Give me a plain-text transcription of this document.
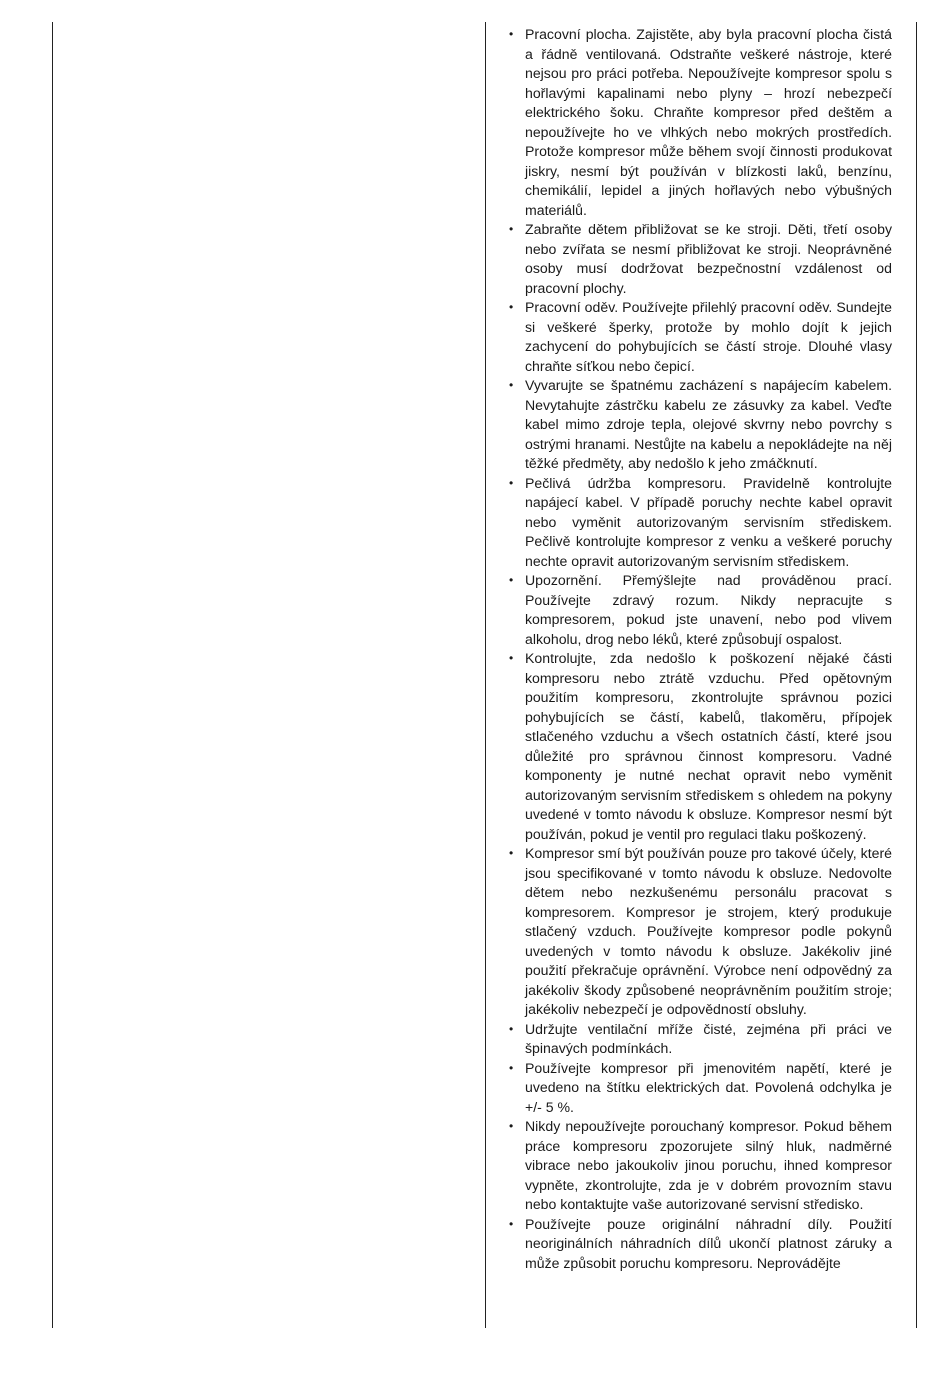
• Pracovní plocha. Zajistěte, aby byla pracovní plocha čistá a řádně ventilovaná. Odstraňte veškeré nástroje, které nejsou pro práci potřeba. Nepoužívejte kompresor spolu s hořlavými kapalinami nebo plyny – hrozí nebezpečí elektrického šoku. Chraňte kompresor před deštěm a nepoužívejte ho ve vlhkých nebo mokrých prostředích. Protože kompresor může během svojí činnosti produkovat jiskry, nesmí být používán v blízkosti laků, benzínu, chemikálií, lepidel a jiných hořlavých nebo výbušných materiálů.
• Zabraňte dětem přibližovat se ke stroji. Děti, třetí osoby nebo zvířata se nesmí přibližovat ke stroji. Neoprávněné osoby musí dodržovat bezpečnostní vzdálenost od pracovní plochy.
• Pracovní oděv. Používejte přilehlý pracovní oděv. Sundejte si veškeré šperky, protože by mohlo dojít k jejich zachycení do pohybujících se částí stroje. Dlouhé vlasy chraňte síťkou nebo čepicí.
• Vyvarujte se špatnému zacházení s napájecím kabelem. Nevytahujte zástrčku kabelu ze zásuvky za kabel. Veďte kabel mimo zdroje tepla, olejové skvrny nebo povrchy s ostrými hranami. Nestůjte na kabelu a nepokládejte na něj těžké předměty, aby nedošlo k jeho zmáčknutí.
• Pečlivá údržba kompresoru. Pravidelně kontrolujte napájecí kabel. V případě poruchy nechte kabel opravit nebo vyměnit autorizovaným servisním střediskem. Pečlivě kontrolujte kompresor z venku a veškeré poruchy nechte opravit autorizovaným servisním střediskem.
• Upozornění. Přemýšlejte nad prováděnou prací. Používejte zdravý rozum. Nikdy nepracujte s kompresorem, pokud jste unavení, nebo pod vlivem alkoholu, drog nebo léků, které způsobují ospalost.
• Kontrolujte, zda nedošlo k poškození nějaké části kompresoru nebo ztrátě vzduchu. Před opětovným použitím kompresoru, zkontrolujte správnou pozici pohybujících se částí, kabelů, tlakoměru, přípojek stlačeného vzduchu a všech ostatních částí, které jsou důležité pro správnou činnost kompresoru. Vadné komponenty je nutné nechat opravit nebo vyměnit autorizovaným servisním střediskem s ohledem na pokyny uvedené v tomto návodu k obsluze. Kompresor nesmí být používán, pokud je ventil pro regulaci tlaku poškozený.
• Kompresor smí být používán pouze pro takové účely, které jsou specifikované v tomto návodu k obsluze. Nedovolte dětem nebo nezkušenému personálu pracovat s kompresorem. Kompresor je strojem, který produkuje stlačený vzduch. Používejte kompresor podle pokynů uvedených v tomto návodu k obsluze. Jakékoliv jiné použití překračuje oprávnění. Výrobce není odpovědný za jakékoliv škody způsobené neoprávněním použitím stroje; jakékoliv nebezpečí je odpovědností obsluhy.
• Udržujte ventilační mříže čisté, zejména při práci ve špinavých podmínkách.
• Používejte kompresor při jmenovitém napětí, které je uvedeno na štítku elektrických dat. Povolená odchylka je +/- 5 %.
• Nikdy nepoužívejte porouchaný kompresor. Pokud během práce kompresoru zpozorujete silný hluk, nadměrné vibrace nebo jakoukoliv jinou poruchu, ihned kompresor vypněte, zkontrolujte, zda je v dobrém provozním stavu nebo kontaktujte vaše autorizované servisní středisko.
• Používejte pouze originální náhradní díly. Použití neoriginálních náhradních dílů ukončí platnost záruky a může způsobit poruchu kompresoru. Neprovádějte
